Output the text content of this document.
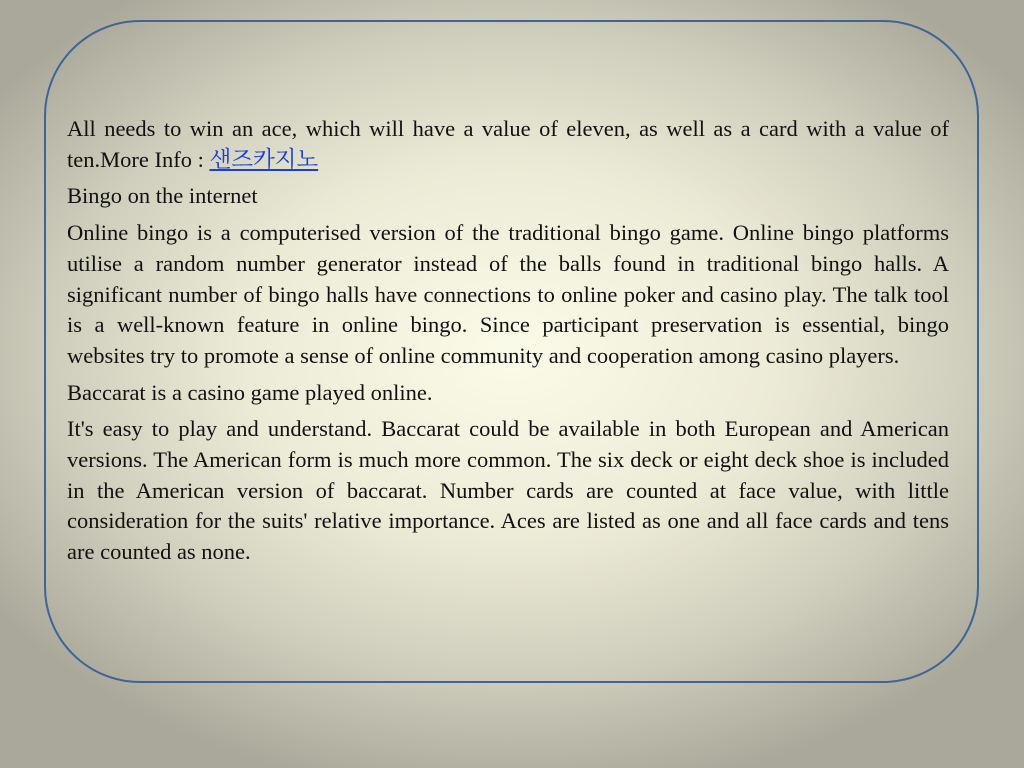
All needs to win an ace, which will have a value of eleven, as well as a card with a value of ten.More Info : 샌즈카지노

Bingo on the internet

Online bingo is a computerised version of the traditional bingo game. Online bingo platforms utilise a random number generator instead of the balls found in traditional bingo halls. A significant number of bingo halls have connections to online poker and casino play. The talk tool is a well-known feature in online bingo. Since participant preservation is essential, bingo websites try to promote a sense of online community and cooperation among casino players.

Baccarat is a casino game played online.

It's easy to play and understand. Baccarat could be available in both European and American versions. The American form is much more common. The six deck or eight deck shoe is included in the American version of baccarat. Number cards are counted at face value, with little consideration for the suits' relative importance. Aces are listed as one and all face cards and tens are counted as none.
